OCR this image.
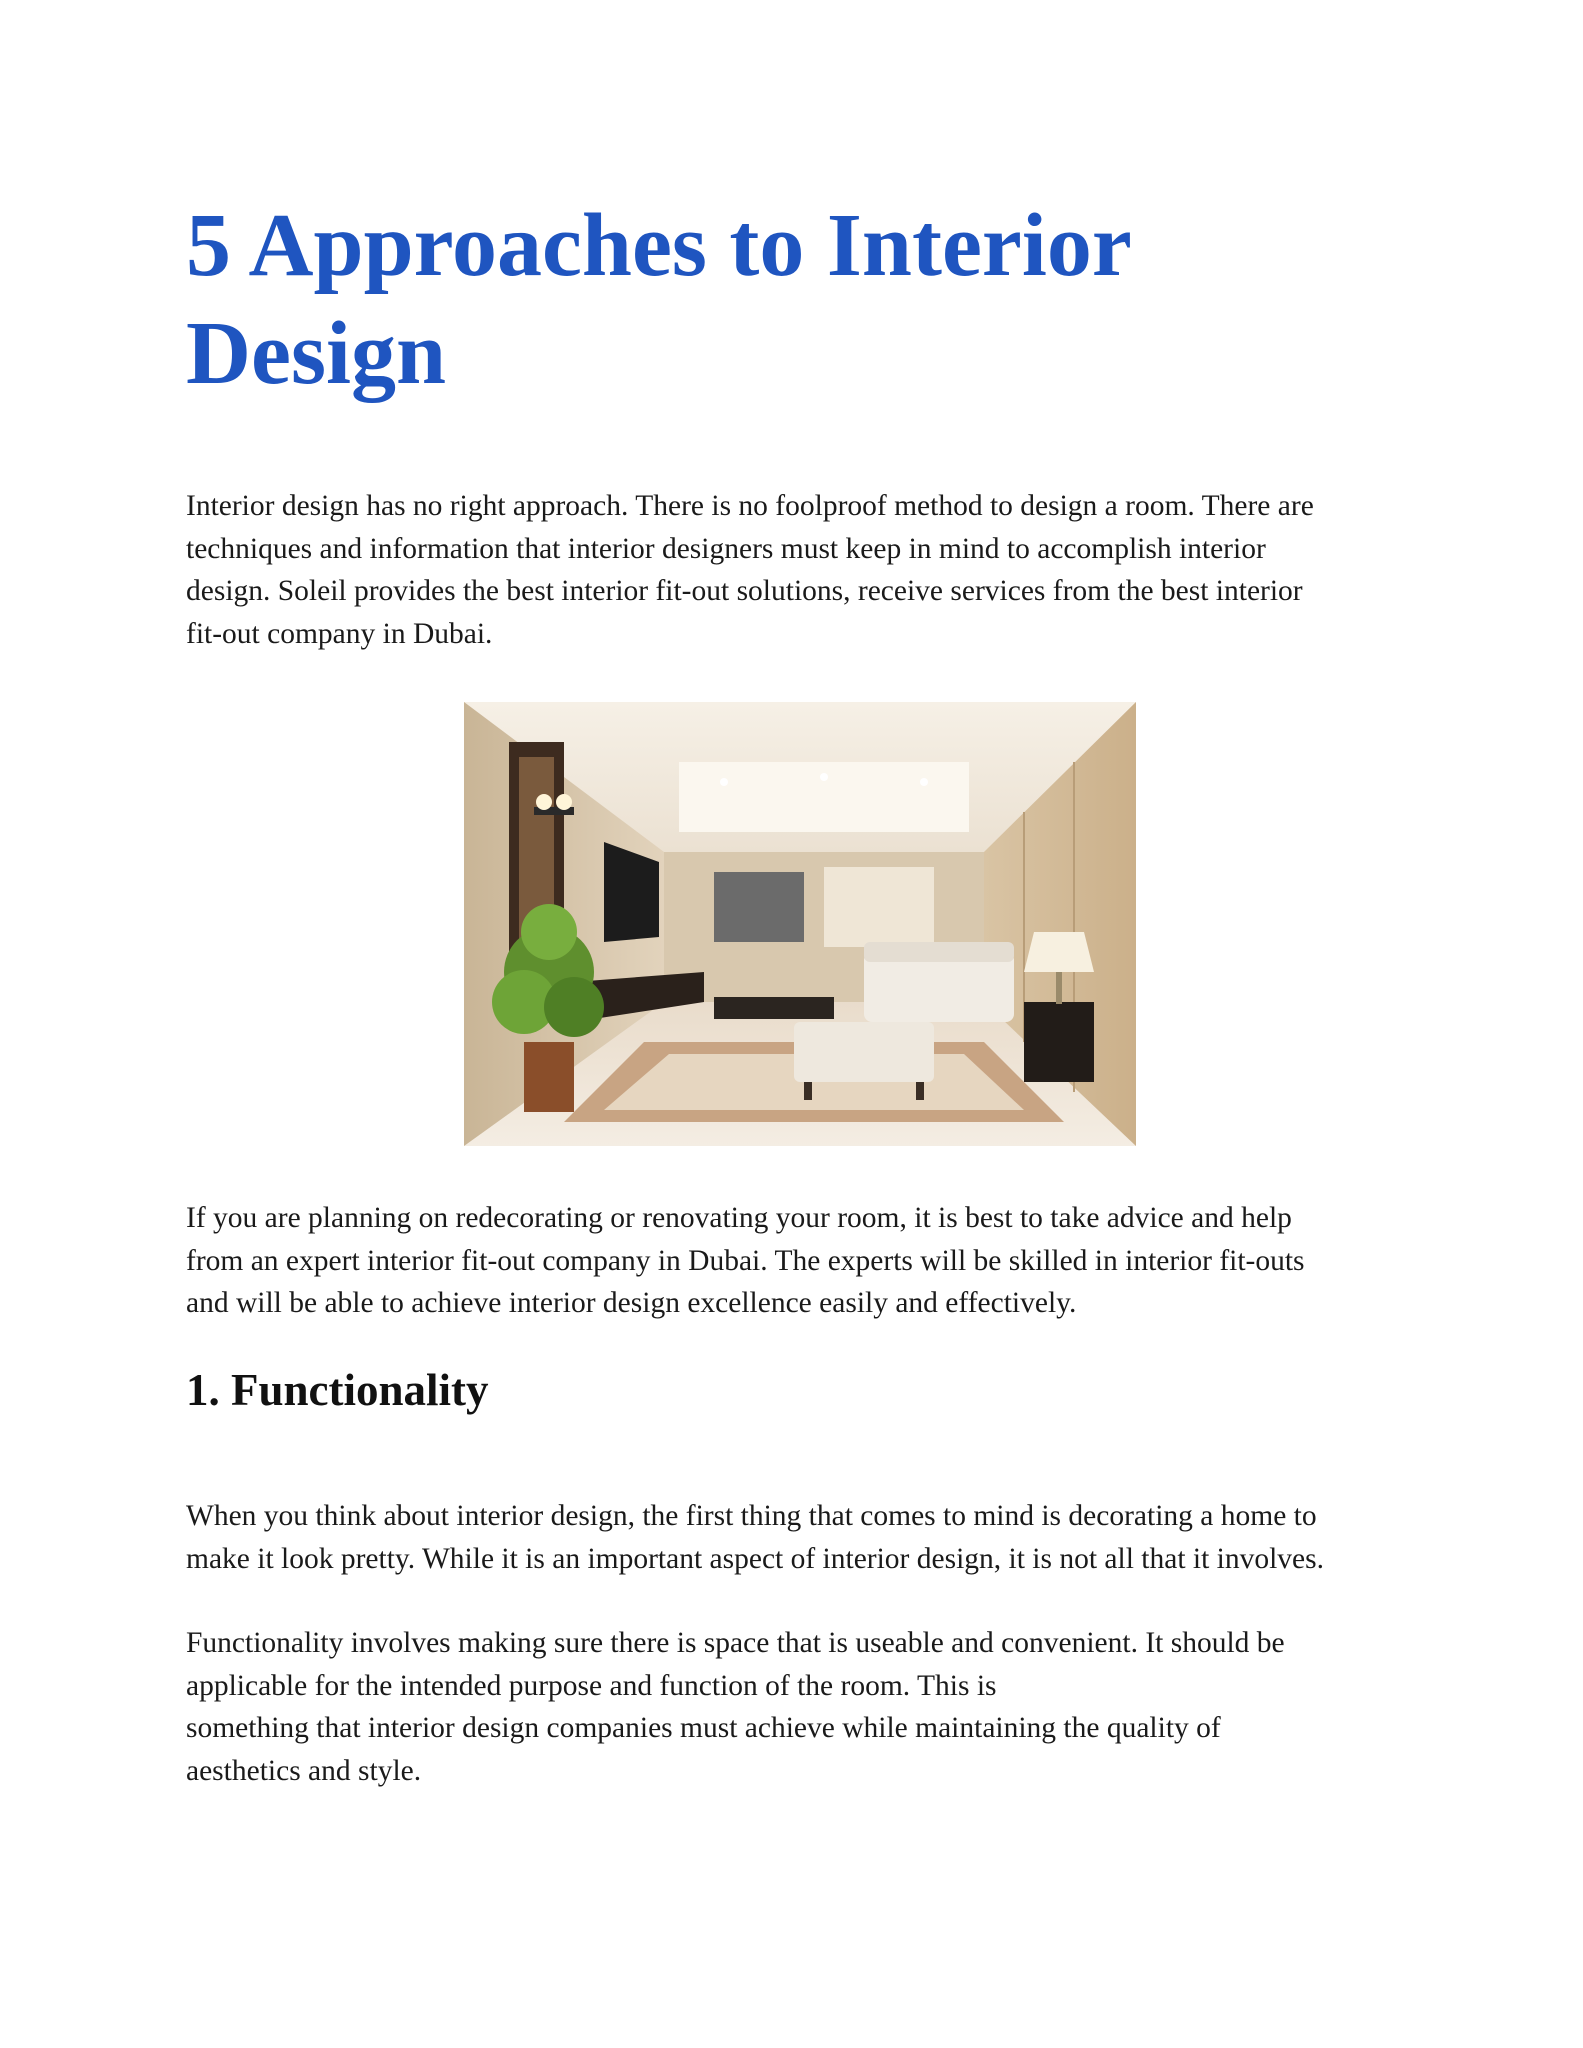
5 Approaches to Interior
Design

Interior design has no right approach. There is no foolproof method to design a room. There are
techniques and information that interior designers must keep in mind to accomplish interior
design. Soleil provides the best interior fit-out solutions, receive services from the best interior
fit-out company in Dubai.

If you are planning on redecorating or renovating your room, it is best to take advice and help
from an expert interior fit-out company in Dubai. The experts will be skilled in interior fit-outs
and will be able to achieve interior design excellence easily and effectively.

1. Functionality

When you think about interior design, the first thing that comes to mind is decorating a home to
make it look pretty. While it is an important aspect of interior design, it is not all that it involves.

Functionality involves making sure there is space that is useable and convenient. It should be
applicable for the intended purpose and function of the room. This is
something that interior design companies must achieve while maintaining the quality of
aesthetics and style.
